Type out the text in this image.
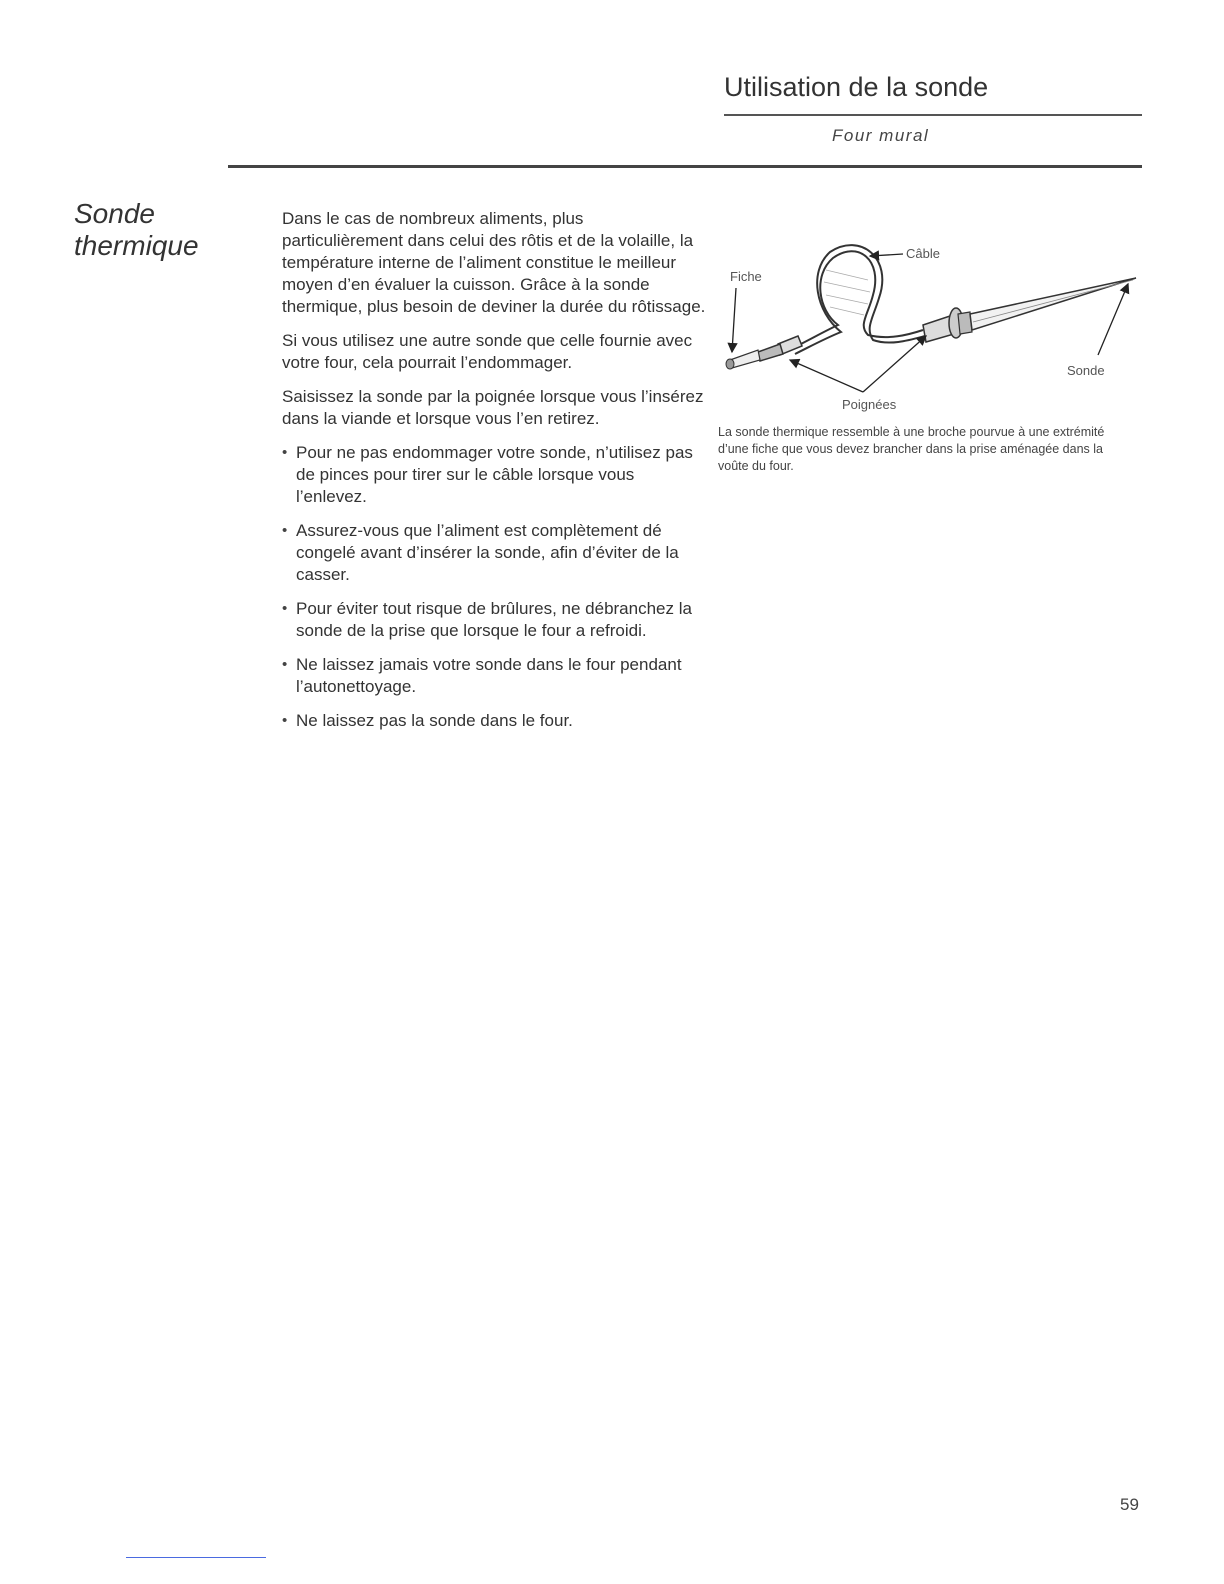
Utilisation de la sonde
Four mural
Sonde
thermique

Dans le cas de nombreux aliments, plus particulièrement dans celui des rôtis et de la volaille, la température interne de l’aliment constitue le meilleur moyen d’en évaluer la cuisson. Grâce à la sonde thermique, plus besoin de deviner la durée du rôtissage.

Si vous utilisez une autre sonde que celle fournie avec votre four, cela pourrait l’endommager.

Saisissez la sonde par la poignée lorsque vous l’insérez dans la viande et lorsque vous l’en retirez.

• Pour ne pas endommager votre sonde, n’utilisez pas de pinces pour tirer sur le câble lorsque vous l’enlevez.
• Assurez-vous que l’aliment est complètement dé congelé avant d’insérer la sonde, afin d’éviter de la casser.
• Pour éviter tout risque de brûlures, ne débranchez la sonde de la prise que lorsque le four a refroidi.
• Ne laissez jamais votre sonde dans le four pendant l’autonettoyage.
• Ne laissez pas la sonde dans le four.
Câble
Fiche
Sonde
Poignées
La sonde thermique ressemble à une broche pourvue à une extrémité d’une fiche que vous devez brancher dans la prise aménagée dans la voûte du four.
59
